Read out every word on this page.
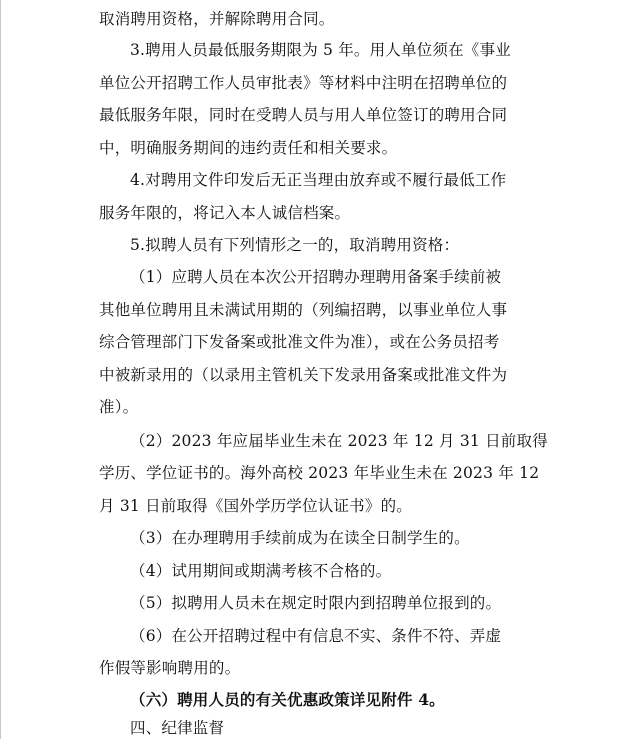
取消聘用资格，并解除聘用合同。
3.聘用人员最低服务期限为 5 年。用人单位须在《事业
单位公开招聘工作人员审批表》等材料中注明在招聘单位的
最低服务年限，同时在受聘人员与用人单位签订的聘用合同
中，明确服务期间的违约责任和相关要求。
4.对聘用文件印发后无正当理由放弃或不履行最低工作
服务年限的，将记入本人诚信档案。
5.拟聘人员有下列情形之一的，取消聘用资格：
（1）应聘人员在本次公开招聘办理聘用备案手续前被
其他单位聘用且未满试用期的（列编招聘，以事业单位人事
综合管理部门下发备案或批准文件为准），或在公务员招考
中被新录用的（以录用主管机关下发录用备案或批准文件为
准）。
（2）2023 年应届毕业生未在 2023 年 12 月 31 日前取得
学历、学位证书的。海外高校 2023 年毕业生未在 2023 年 12
月 31 日前取得《国外学历学位认证书》的。
（3）在办理聘用手续前成为在读全日制学生的。
（4）试用期间或期满考核不合格的。
（5）拟聘用人员未在规定时限内到招聘单位报到的。
（6）在公开招聘过程中有信息不实、条件不符、弄虚
作假等影响聘用的。
（六）聘用人员的有关优惠政策详见附件 4。
四、纪律监督
